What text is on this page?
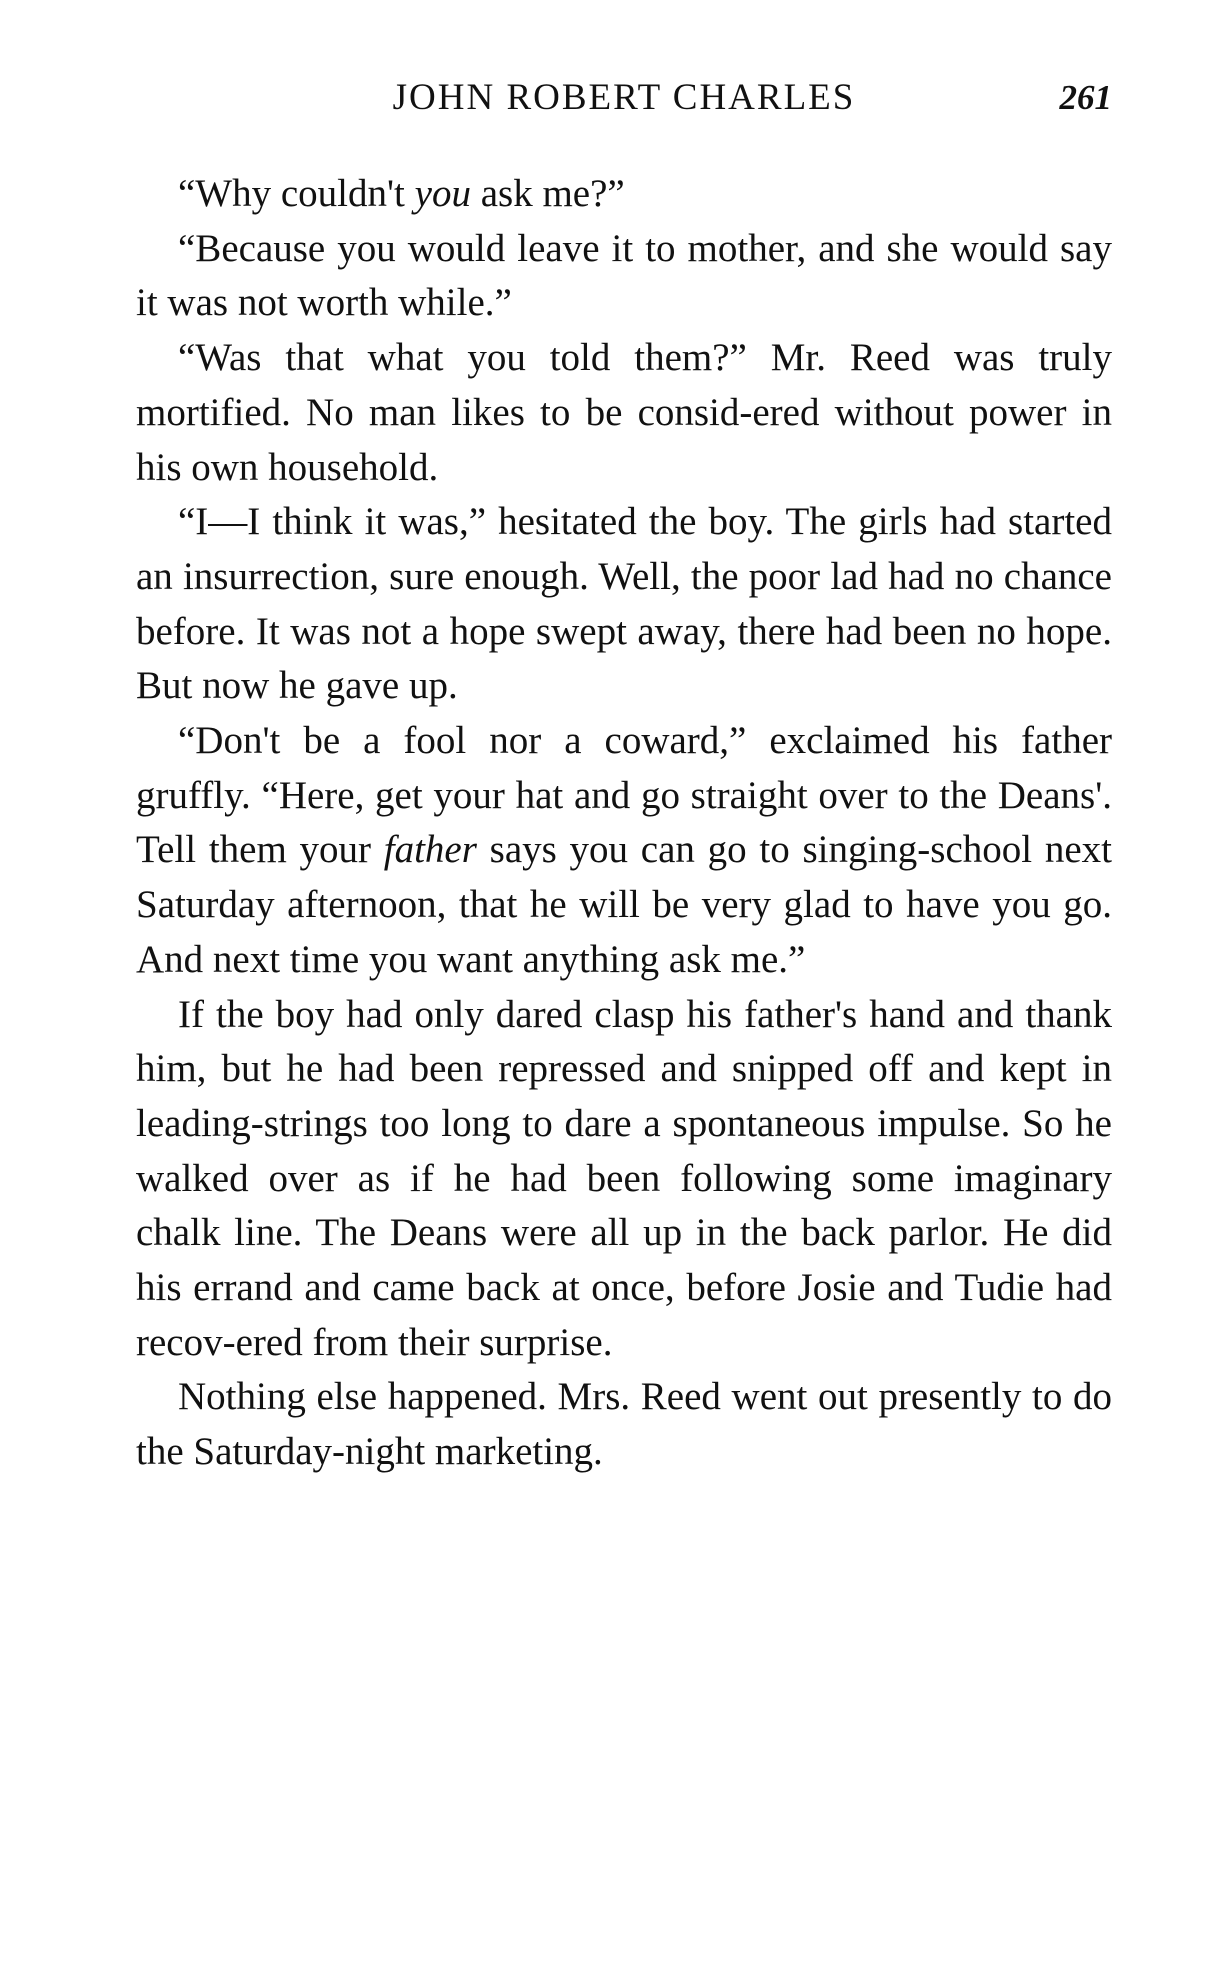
JOHN ROBERT CHARLES	261

“Why couldn't you ask me?”

“Because you would leave it to mother, and she would say it was not worth while.”

“Was that what you told them?” Mr. Reed was truly mortified. No man likes to be consid-ered without power in his own household.

“I—I think it was,” hesitated the boy. The girls had started an insurrection, sure enough. Well, the poor lad had no chance before. It was not a hope swept away, there had been no hope. But now he gave up.

“Don't be a fool nor a coward,” exclaimed his father gruffly. “Here, get your hat and go straight over to the Deans'. Tell them your father says you can go to singing-school next Saturday afternoon, that he will be very glad to have you go. And next time you want anything ask me.”

If the boy had only dared clasp his father's hand and thank him, but he had been repressed and snipped off and kept in leading-strings too long to dare a spontaneous impulse. So he walked over as if he had been following some imaginary chalk line. The Deans were all up in the back parlor. He did his errand and came back at once, before Josie and Tudie had recov-ered from their surprise.

Nothing else happened. Mrs. Reed went out presently to do the Saturday-night marketing.
